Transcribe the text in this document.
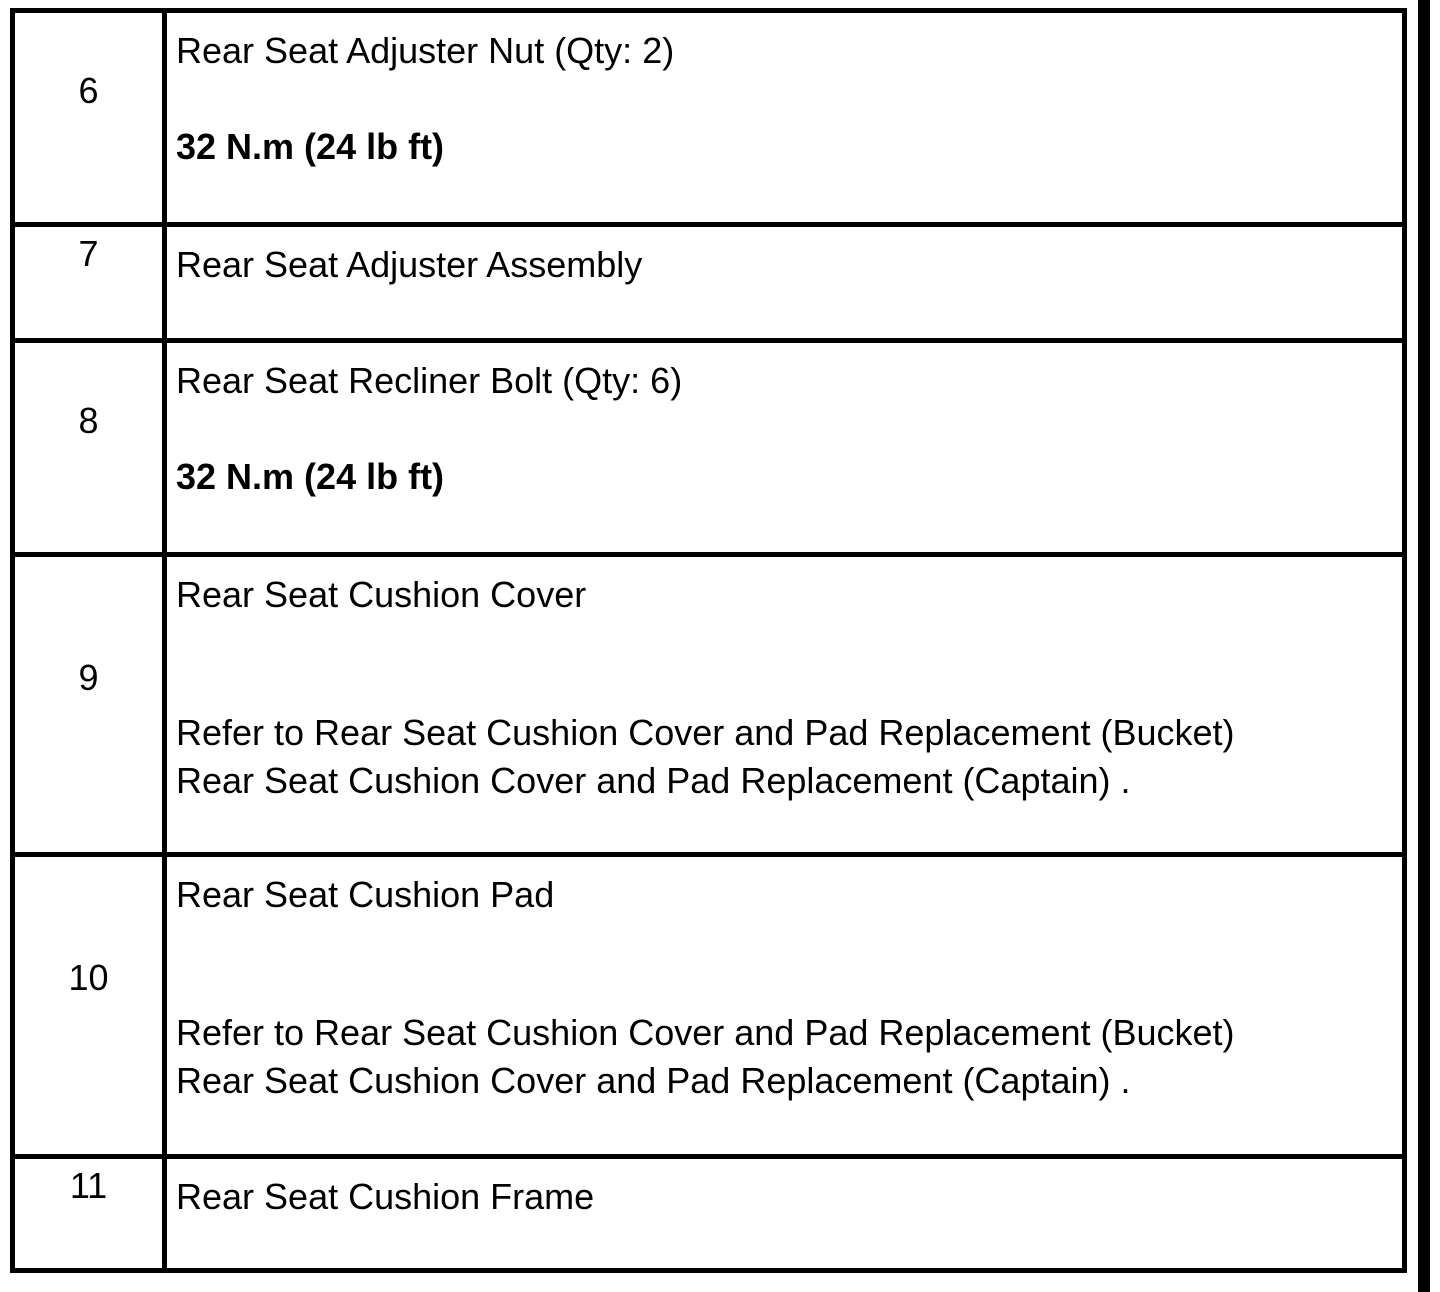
6	Rear Seat Adjuster Nut (Qty: 2)
32 N.m (24 lb ft)

7	Rear Seat Adjuster Assembly

8	Rear Seat Recliner Bolt (Qty: 6)
32 N.m (24 lb ft)

9	Rear Seat Cushion Cover
Refer to Rear Seat Cushion Cover and Pad Replacement (Bucket)
Rear Seat Cushion Cover and Pad Replacement (Captain) .

10	Rear Seat Cushion Pad
Refer to Rear Seat Cushion Cover and Pad Replacement (Bucket)
Rear Seat Cushion Cover and Pad Replacement (Captain) .

11	Rear Seat Cushion Frame
